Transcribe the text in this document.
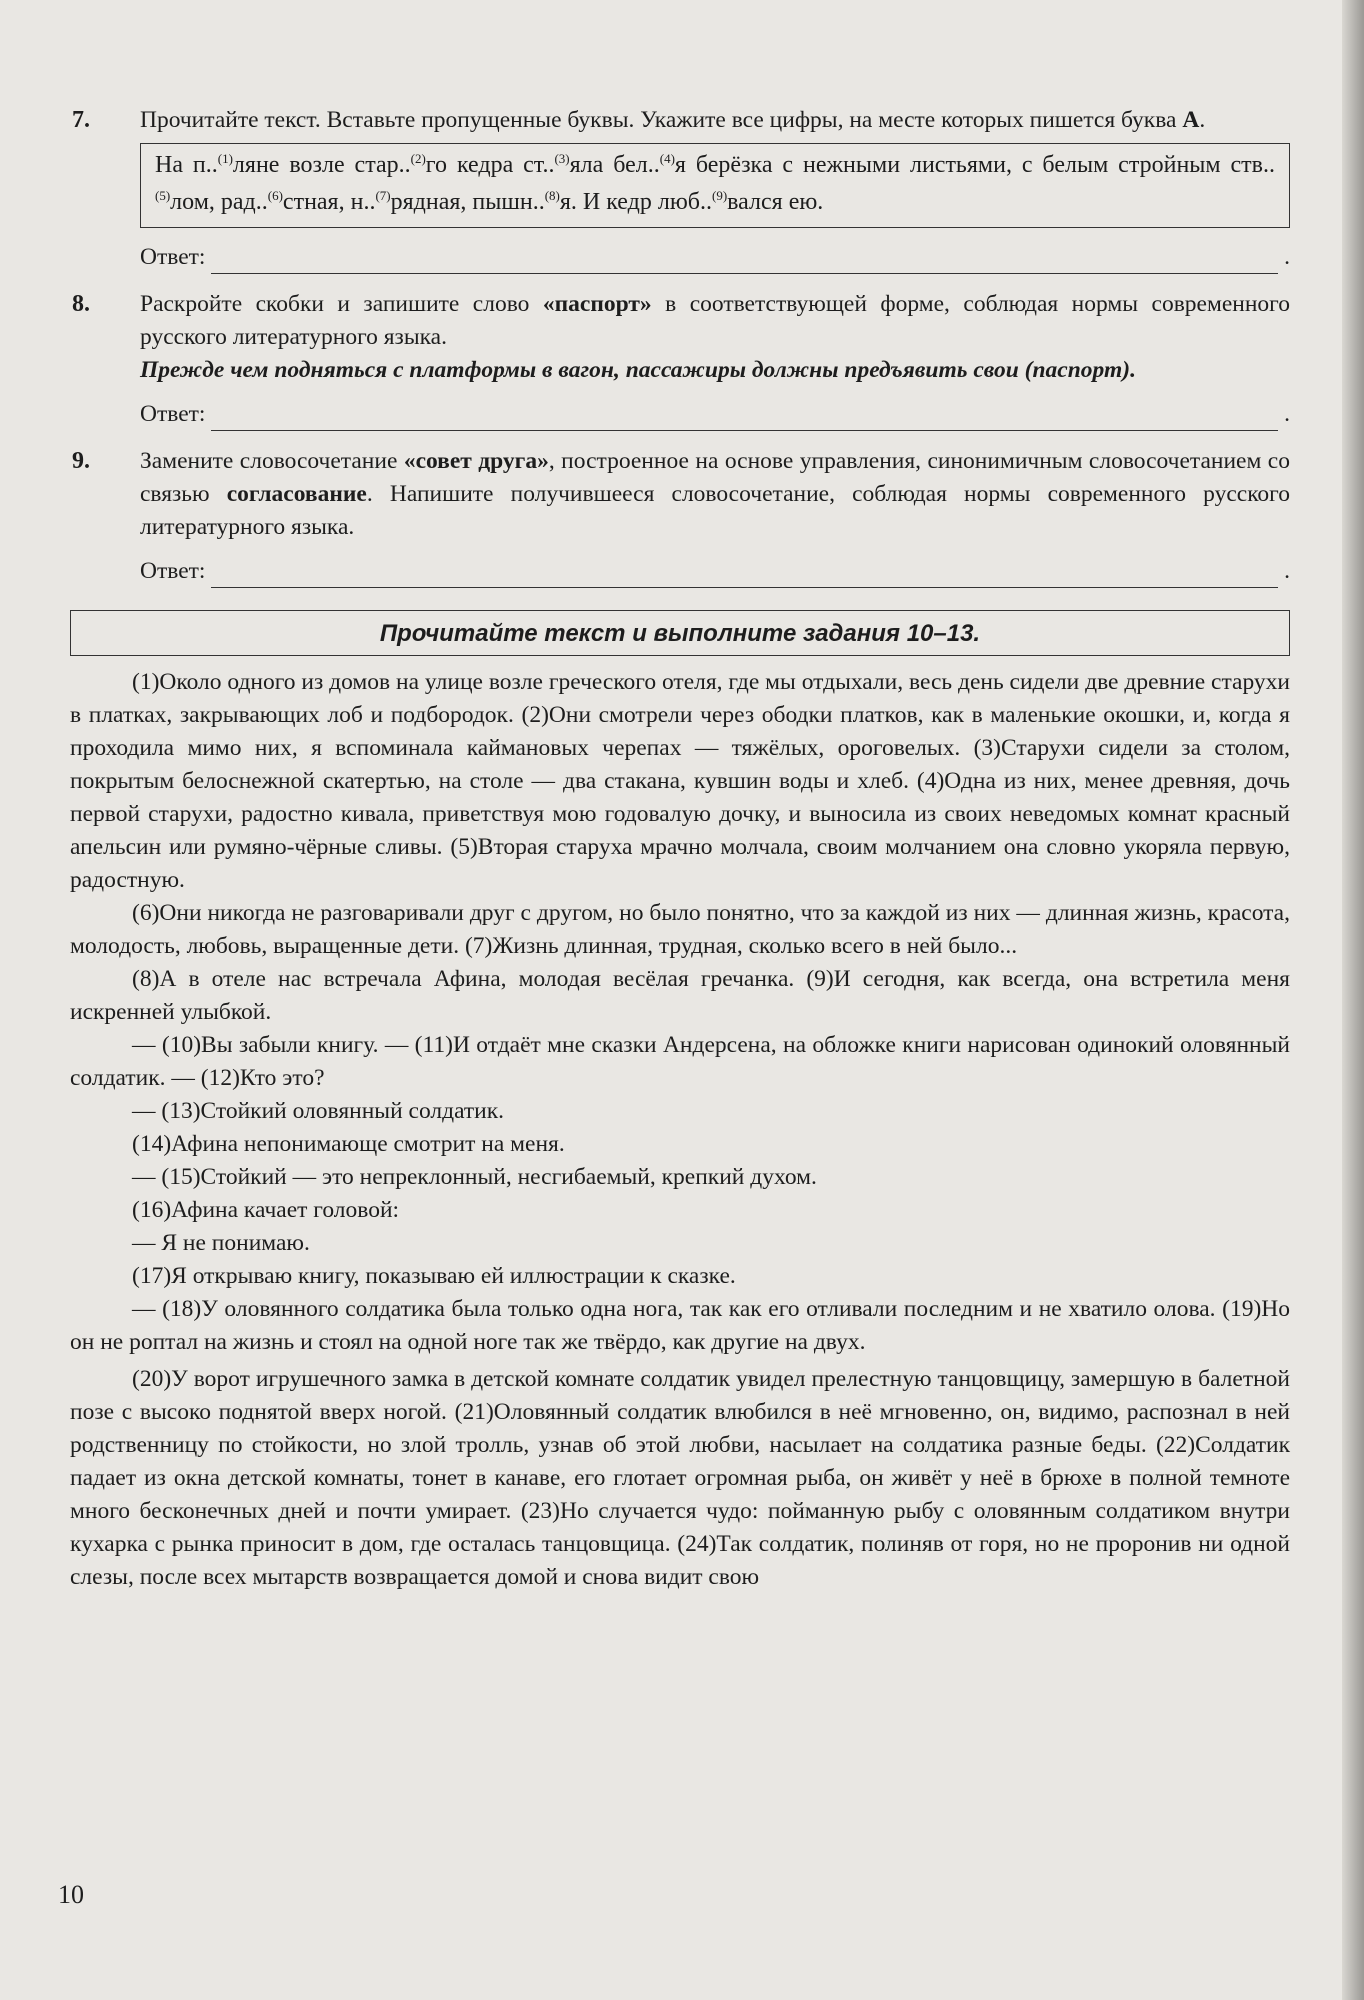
7. Прочитайте текст. Вставьте пропущенные буквы. Укажите все цифры, на месте которых пишется буква А.

На п..$^{(1)}$ляне возле стар..$^{(2)}$го кедра ст..$^{(3)}$яла бел..$^{(4)}$я берёзка с нежными листьями, с белым стройным ств..$^{(5)}$лом, рад..$^{(6)}$стная, н..$^{(7)}$рядная, пышн..$^{(8)}$я. И кедр люб..$^{(9)}$вался ею.
Ответ:	.
8. Раскройте скобки и запишите слово «паспорт» в соответствующей форме, соблюдая нормы современного русского литературного языка.

Прежде чем подняться с платформы в вагон, пассажиры должны предъявить свои (паспорт).

Ответ:	.
9. Замените словосочетание «совет друга», построенное на основе управления, синонимичным словосочетанием со связью согласование. Напишите получившееся словосочетание, соблюдая нормы современного русского литературного языка.

Ответ:	.
Прочитайте текст и выполните задания 10–13.

(1)Около одного из домов на улице возле греческого отеля, где мы отдыхали, весь день сидели две древние старухи в платках, закрывающих лоб и подбородок. (2)Они смотрели через ободки платков, как в маленькие окошки, и, когда я проходила мимо них, я вспоминала каймановых черепах — тяжёлых, ороговелых. (3)Старухи сидели за столом, покрытым белоснежной скатертью, на столе — два стакана, кувшин воды и хлеб. (4)Одна из них, менее древняя, дочь первой старухи, радостно кивала, приветствуя мою годовалую дочку, и выносила из своих неведомых комнат красный апельсин или румяно-чёрные сливы. (5)Вторая старуха мрачно молчала, своим молчанием она словно укоряла первую, радостную.

(6)Они никогда не разговаривали друг с другом, но было понятно, что за каждой из них — длинная жизнь, красота, молодость, любовь, выращенные дети. (7)Жизнь длинная, трудная, сколько всего в ней было...

(8)А в отеле нас встречала Афина, молодая весёлая гречанка. (9)И сегодня, как всегда, она встретила меня искренней улыбкой.

— (10)Вы забыли книгу. — (11)И отдаёт мне сказки Андерсена, на обложке книги нарисован одинокий оловянный солдатик. — (12)Кто это?

— (13)Стойкий оловянный солдатик.

(14)Афина непонимающе смотрит на меня.

— (15)Стойкий — это непреклонный, несгибаемый, крепкий духом.

(16)Афина качает головой:

— Я не понимаю.

(17)Я открываю книгу, показываю ей иллюстрации к сказке.

— (18)У оловянного солдатика была только одна нога, так как его отливали последним и не хватило олова. (19)Но он не роптал на жизнь и стоял на одной ноге так же твёрдо, как другие на двух.

(20)У ворот игрушечного замка в детской комнате солдатик увидел прелестную танцовщицу, замершую в балетной позе с высоко поднятой вверх ногой. (21)Оловянный солдатик влюбился в неё мгновенно, он, видимо, распознал в ней родственницу по стойкости, но злой тролль, узнав об этой любви, насылает на солдатика разные беды. (22)Солдатик падает из окна детской комнаты, тонет в канаве, его глотает огромная рыба, он живёт у неё в брюхе в полной темноте много бесконечных дней и почти умирает. (23)Но случается чудо: пойманную рыбу с оловянным солдатиком внутри кухарка с рынка приносит в дом, где осталась танцовщица. (24)Так солдатик, полиняв от горя, но не проронив ни одной слезы, после всех мытарств возвращается домой и снова видит свою

10
